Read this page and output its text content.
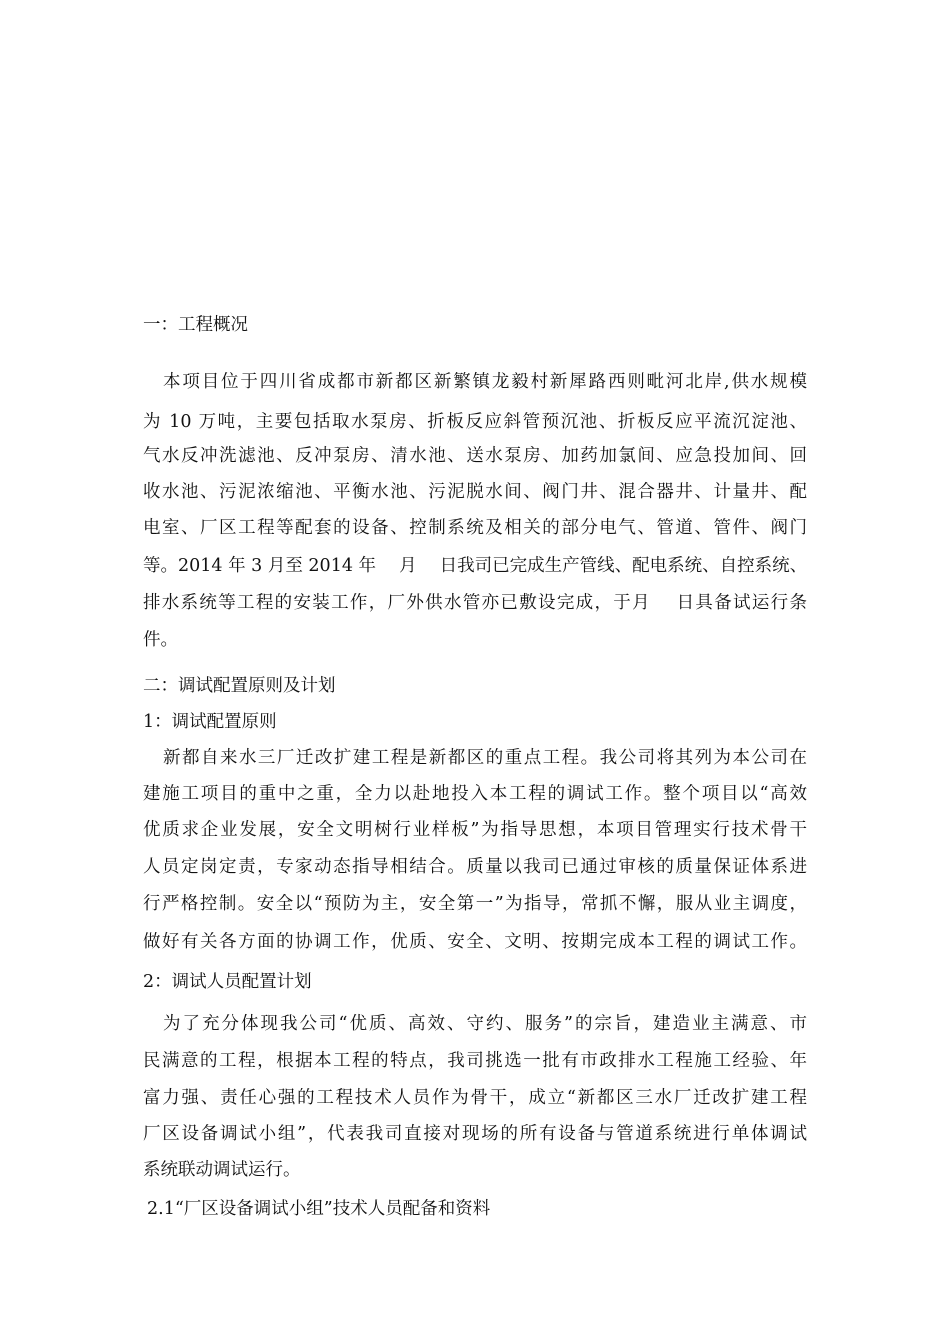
一：工程概况
本项目位于四川省成都市新都区新繁镇龙毅村新犀路西则毗河北岸,供水规模
为 10 万吨，主要包括取水泵房、折板反应斜管预沉池、折板反应平流沉淀池、
气水反冲洗滤池、反冲泵房、清水池、送水泵房、加药加氯间、应急投加间、回
收水池、污泥浓缩池、平衡水池、污泥脱水间、阀门井、混合器井、计量井、配
电室、厂区工程等配套的设备、控制系统及相关的部分电气、管道、管件、阀门
等。2014 年 3 月至 2014 年　 月　 日我司已完成生产管线、配电系统、自控系统、
排水系统等工程的安装工作，厂外供水管亦已敷设完成，于月　 日具备试运行条
件。
二：调试配置原则及计划
1：调试配置原则
新都自来水三厂迁改扩建工程是新都区的重点工程。我公司将其列为本公司在
建施工项目的重中之重，全力以赴地投入本工程的调试工作。整个项目以“高效
优质求企业发展，安全文明树行业样板”为指导思想，本项目管理实行技术骨干
人员定岗定责，专家动态指导相结合。质量以我司已通过审核的质量保证体系进
行严格控制。安全以“预防为主，安全第一”为指导，常抓不懈，服从业主调度，
做好有关各方面的协调工作，优质、安全、文明、按期完成本工程的调试工作。
2：调试人员配置计划
为了充分体现我公司“优质、高效、守约、服务”的宗旨，建造业主满意、市
民满意的工程，根据本工程的特点，我司挑选一批有市政排水工程施工经验、年
富力强、责任心强的工程技术人员作为骨干，成立“新都区三水厂迁改扩建工程
厂区设备调试小组”，代表我司直接对现场的所有设备与管道系统进行单体调试
系统联动调试运行。
2.1“厂区设备调试小组”技术人员配备和资料
